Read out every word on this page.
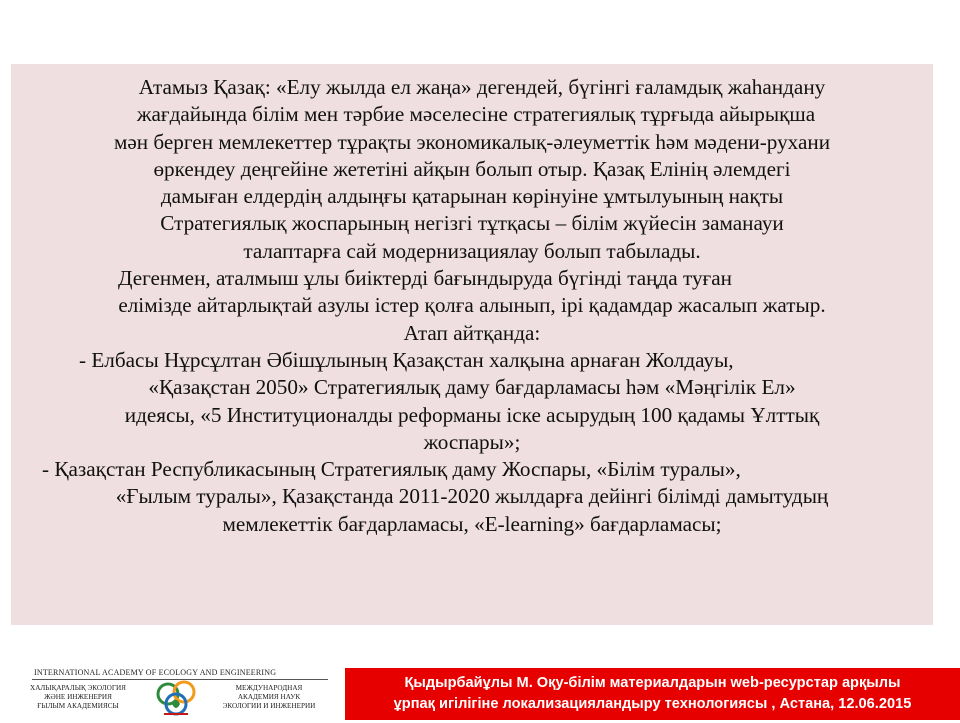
Атамыз Қазақ: «Елу жылда ел жаңа» дегендей, бүгінгі ғаламдық жаһандану
жағдайында білім мен тәрбие мәселесіне стратегиялық тұрғыда айырықша
мән берген мемлекеттер тұрақты экономикалық-әлеуметтік һәм мәдени-рухани
өркендеу деңгейіне жететіні айқын болып отыр. Қазақ Елінің әлемдегі
дамыған елдердің алдыңғы қатарынан көрінуіне ұмтылуының нақты
Стратегиялық жоспарының негізгі тұтқасы – білім жүйесін заманауи
талаптарға сай модернизациялау болып табылады.
Дегенмен, аталмыш ұлы биіктерді бағындыруда бүгінді таңда туған
елімізде айтарлықтай азулы істер қолға алынып, ірі қадамдар жасалып жатыр.
Атап айтқанда:
- Елбасы Нұрсұлтан Әбішұлының Қазақстан халқына арнаған Жолдауы,
«Қазақстан 2050» Стратегиялық даму бағдарламасы һәм «Мәңгілік Ел»
идеясы, «5 Институционалды реформаны іске асырудың 100 қадамы Ұлттық
жоспары»;
- Қазақстан Республикасының Стратегиялық даму Жоспары, «Білім туралы»,
«Ғылым туралы», Қазақстанда 2011-2020 жылдарға дейінгі білімді дамытудың
мемлекеттік бағдарламасы, «E-learning» бағдарламасы;
INTERNATIONAL ACADEMY OF ECOLOGY AND ENGINEERING
ХАЛЫҚАРАЛЫҚ ЭКОЛОГИЯ
ЖӘНЕ ИНЖЕНЕРИЯ
ҒЫЛЫМ АКАДЕМИЯСЫ
МЕЖДУНАРОДНАЯ
АКАДЕМИЯ НАУК
ЭКОЛОГИИ И ИНЖЕНЕРИИ
Қыдырбайұлы М. Оқу-білім материалдарын web-ресурстар арқылы
ұрпақ игілігіне локализацияландыру технологиясы , Астана, 12.06.2015
